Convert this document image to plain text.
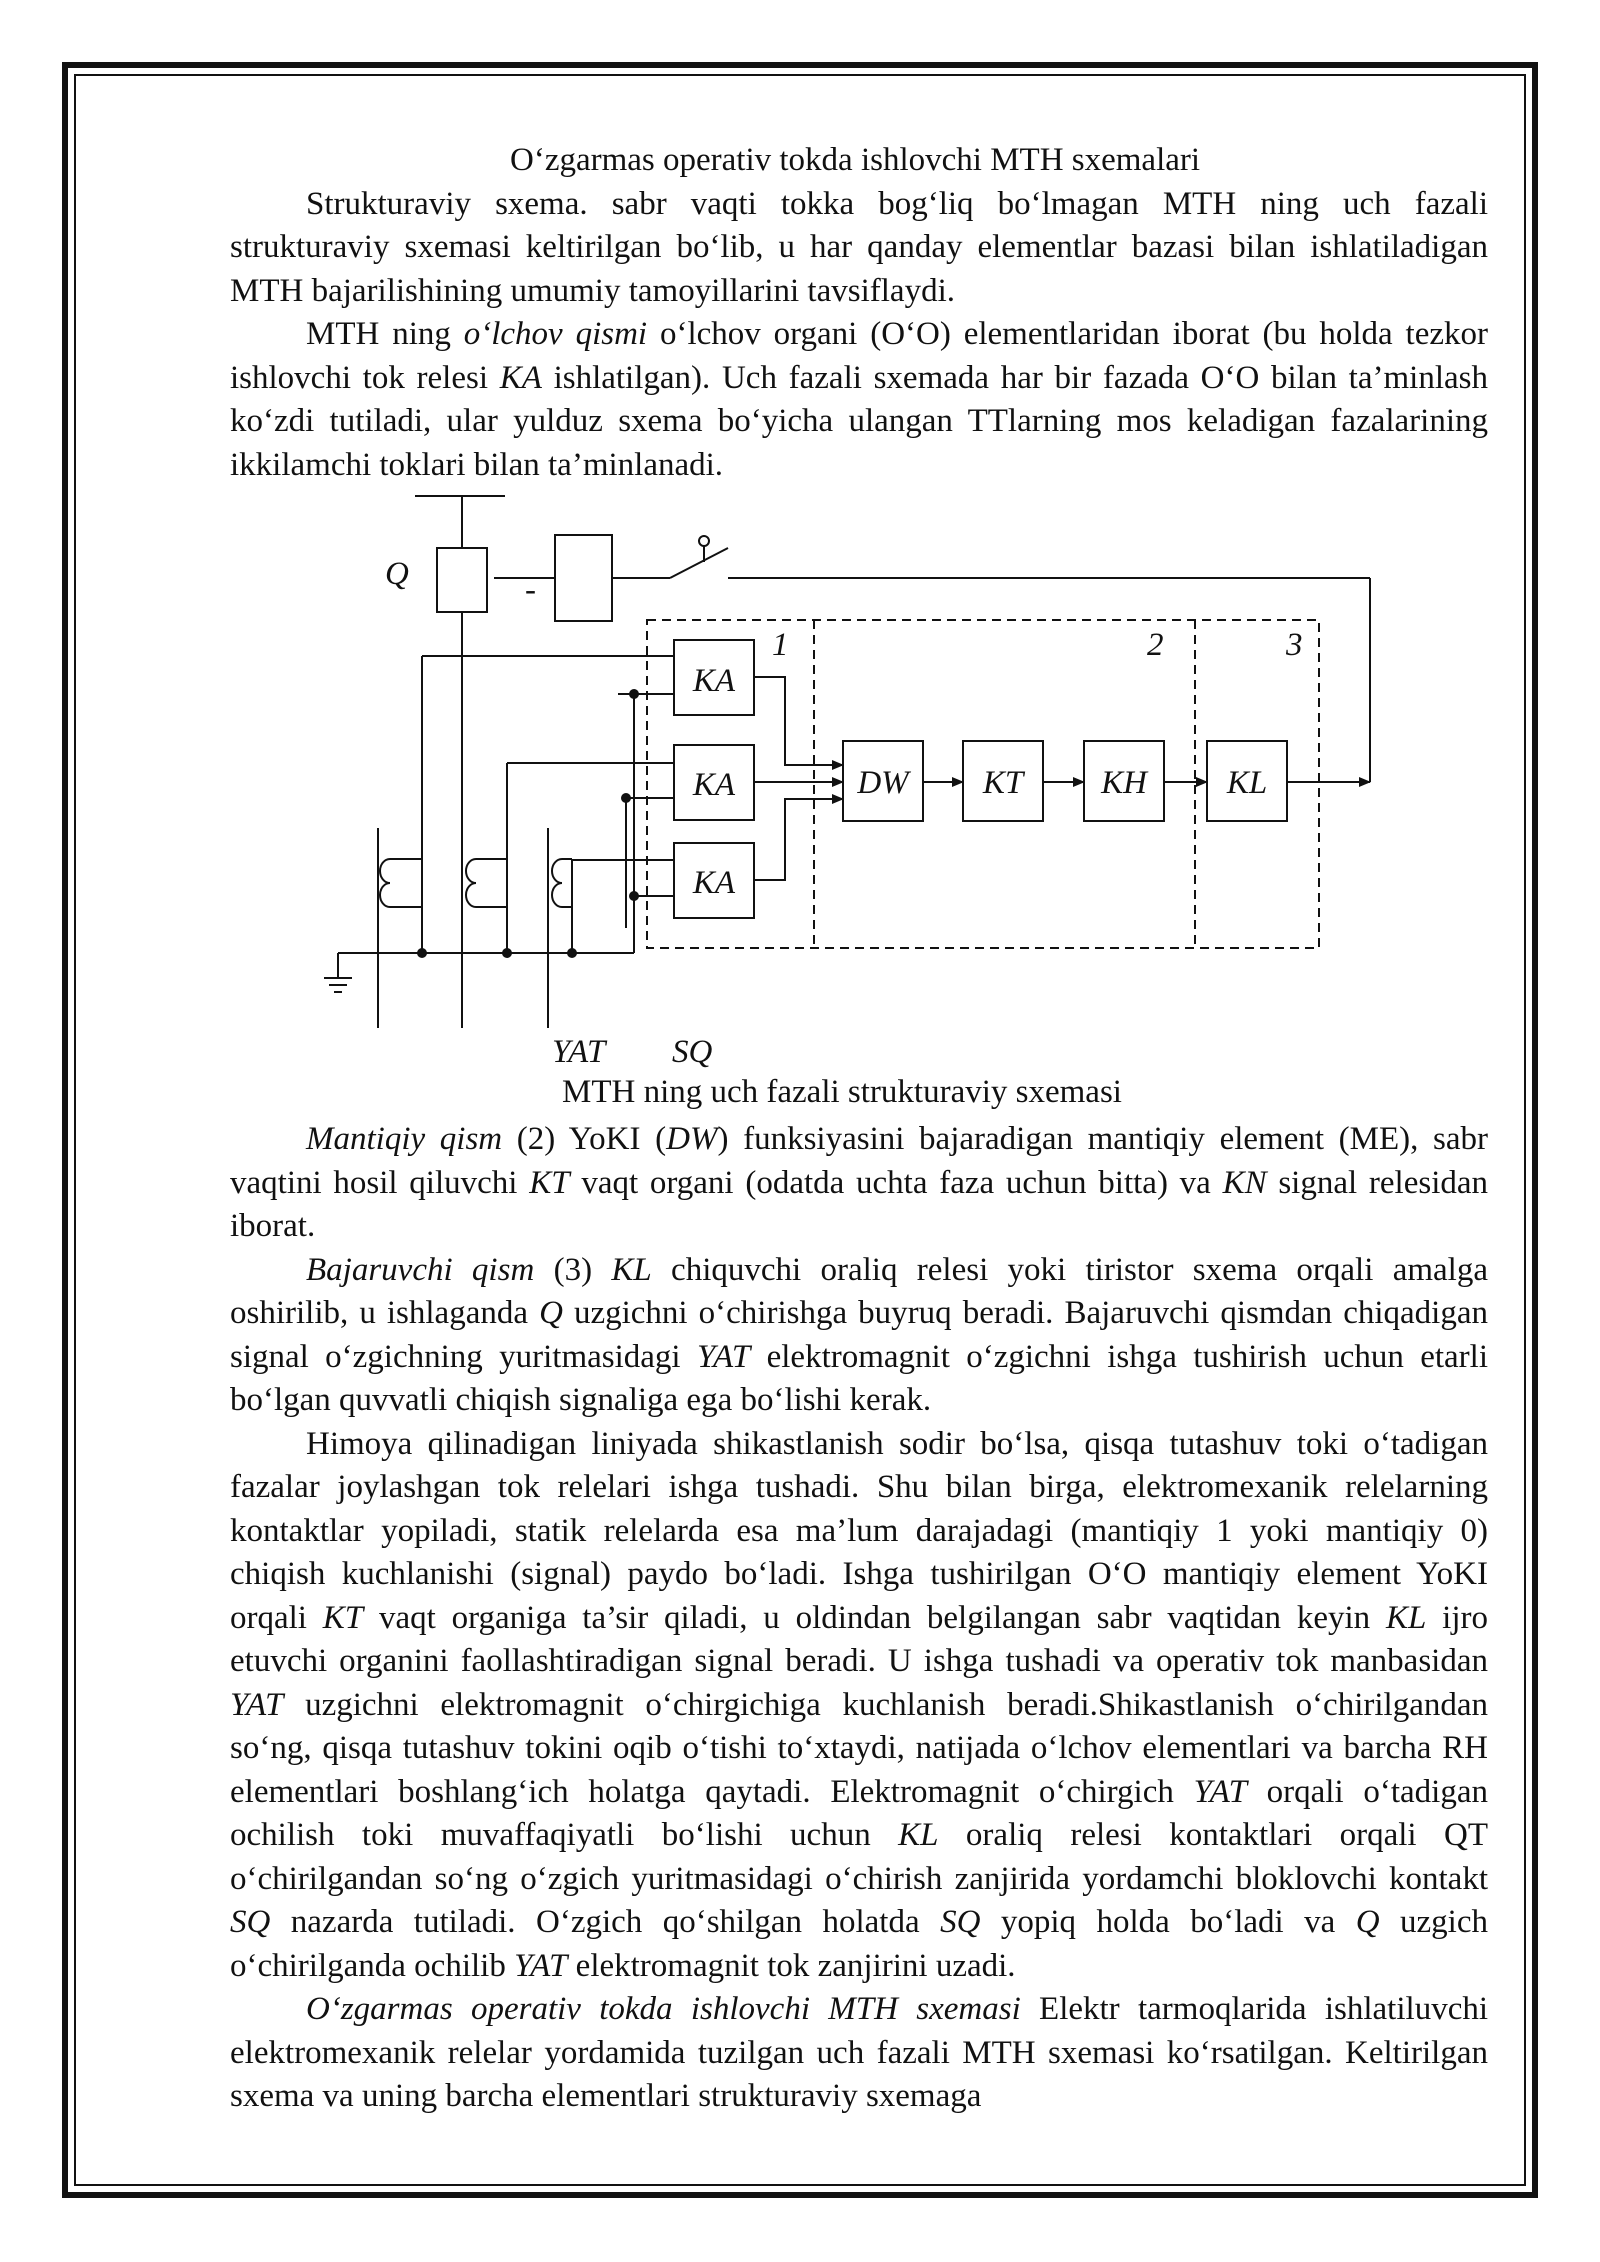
O‘zgarmas operativ tokda ishlovchi MTH sxemalari

Strukturaviy sxema. sabr vaqti tokka bog‘liq bo‘lmagan MTH ning uch fazali strukturaviy sxemasi keltirilgan bo‘lib, u har qanday elementlar bazasi bilan ishlatiladigan MTH bajarilishining umumiy tamoyillarini tavsiflaydi.

MTH ning o‘lchov qismi o‘lchov organi (O‘O) elementlaridan iborat (bu holda tezkor ishlovchi tok relesi KA ishlatilgan). Uch fazali sxemada har bir fazada O‘O bilan ta’minlash ko‘zdi tutiladi, ular yulduz sxema bo‘yicha ulangan TTlarning mos keladigan fazalarining ikkilamchi toklari bilan ta’minlanadi.

Q	-
1	2	3
KA
KA
KA
DW KT KH KL
YAT SQ
MTH ning uch fazali strukturaviy sxemasi

Mantiqiy qism (2) YoKI (DW) funksiyasini bajaradigan mantiqiy element (ME), sabr vaqtini hosil qiluvchi KT vaqt organi (odatda uchta faza uchun bitta) va KN signal relesidan iborat.

Bajaruvchi qism (3) KL chiquvchi oraliq relesi yoki tiristor sxema orqali amalga oshirilib, u ishlaganda Q uzgichni o‘chirishga buyruq beradi. Bajaruvchi qismdan chiqadigan signal o‘zgichning yuritmasidagi YAT elektromagnit o‘zgichni ishga tushirish uchun etarli bo‘lgan quvvatli chiqish signaliga ega bo‘lishi kerak.

Himoya qilinadigan liniyada shikastlanish sodir bo‘lsa, qisqa tutashuv toki o‘tadigan fazalar joylashgan tok relelari ishga tushadi. Shu bilan birga, elektromexanik relelarning kontaktlar yopiladi, statik relelarda esa ma’lum darajadagi (mantiqiy 1 yoki mantiqiy 0) chiqish kuchlanishi (signal) paydo bo‘ladi. Ishga tushirilgan O‘O mantiqiy element YoKI orqali KT vaqt organiga ta’sir qiladi, u oldindan belgilangan sabr vaqtidan keyin KL ijro etuvchi organini faollashtiradigan signal beradi. U ishga tushadi va operativ tok manbasidan YAT uzgichni elektromagnit o‘chirgichiga kuchlanish beradi.Shikastlanish o‘chirilgandan so‘ng, qisqa tutashuv tokini oqib o‘tishi to‘xtaydi, natijada o‘lchov elementlari va barcha RH elementlari boshlang‘ich holatga qaytadi. Elektromagnit o‘chirgich YAT orqali o‘tadigan ochilish toki muvaffaqiyatli bo‘lishi uchun KL oraliq relesi kontaktlari orqali QT o‘chirilgandan so‘ng o‘zgich yuritmasidagi o‘chirish zanjirida yordamchi bloklovchi kontakt SQ nazarda tutiladi. O‘zgich qo‘shilgan holatda SQ yopiq holda bo‘ladi va Q uzgich o‘chirilganda ochilib YAT elektromagnit tok zanjirini uzadi.

O‘zgarmas operativ tokda ishlovchi MTH sxemasi Elektr tarmoqlarida ishlatiluvchi elektromexanik relelar yordamida tuzilgan uch fazali MTH sxemasi ko‘rsatilgan. Keltirilgan sxema va uning barcha elementlari strukturaviy sxemaga
